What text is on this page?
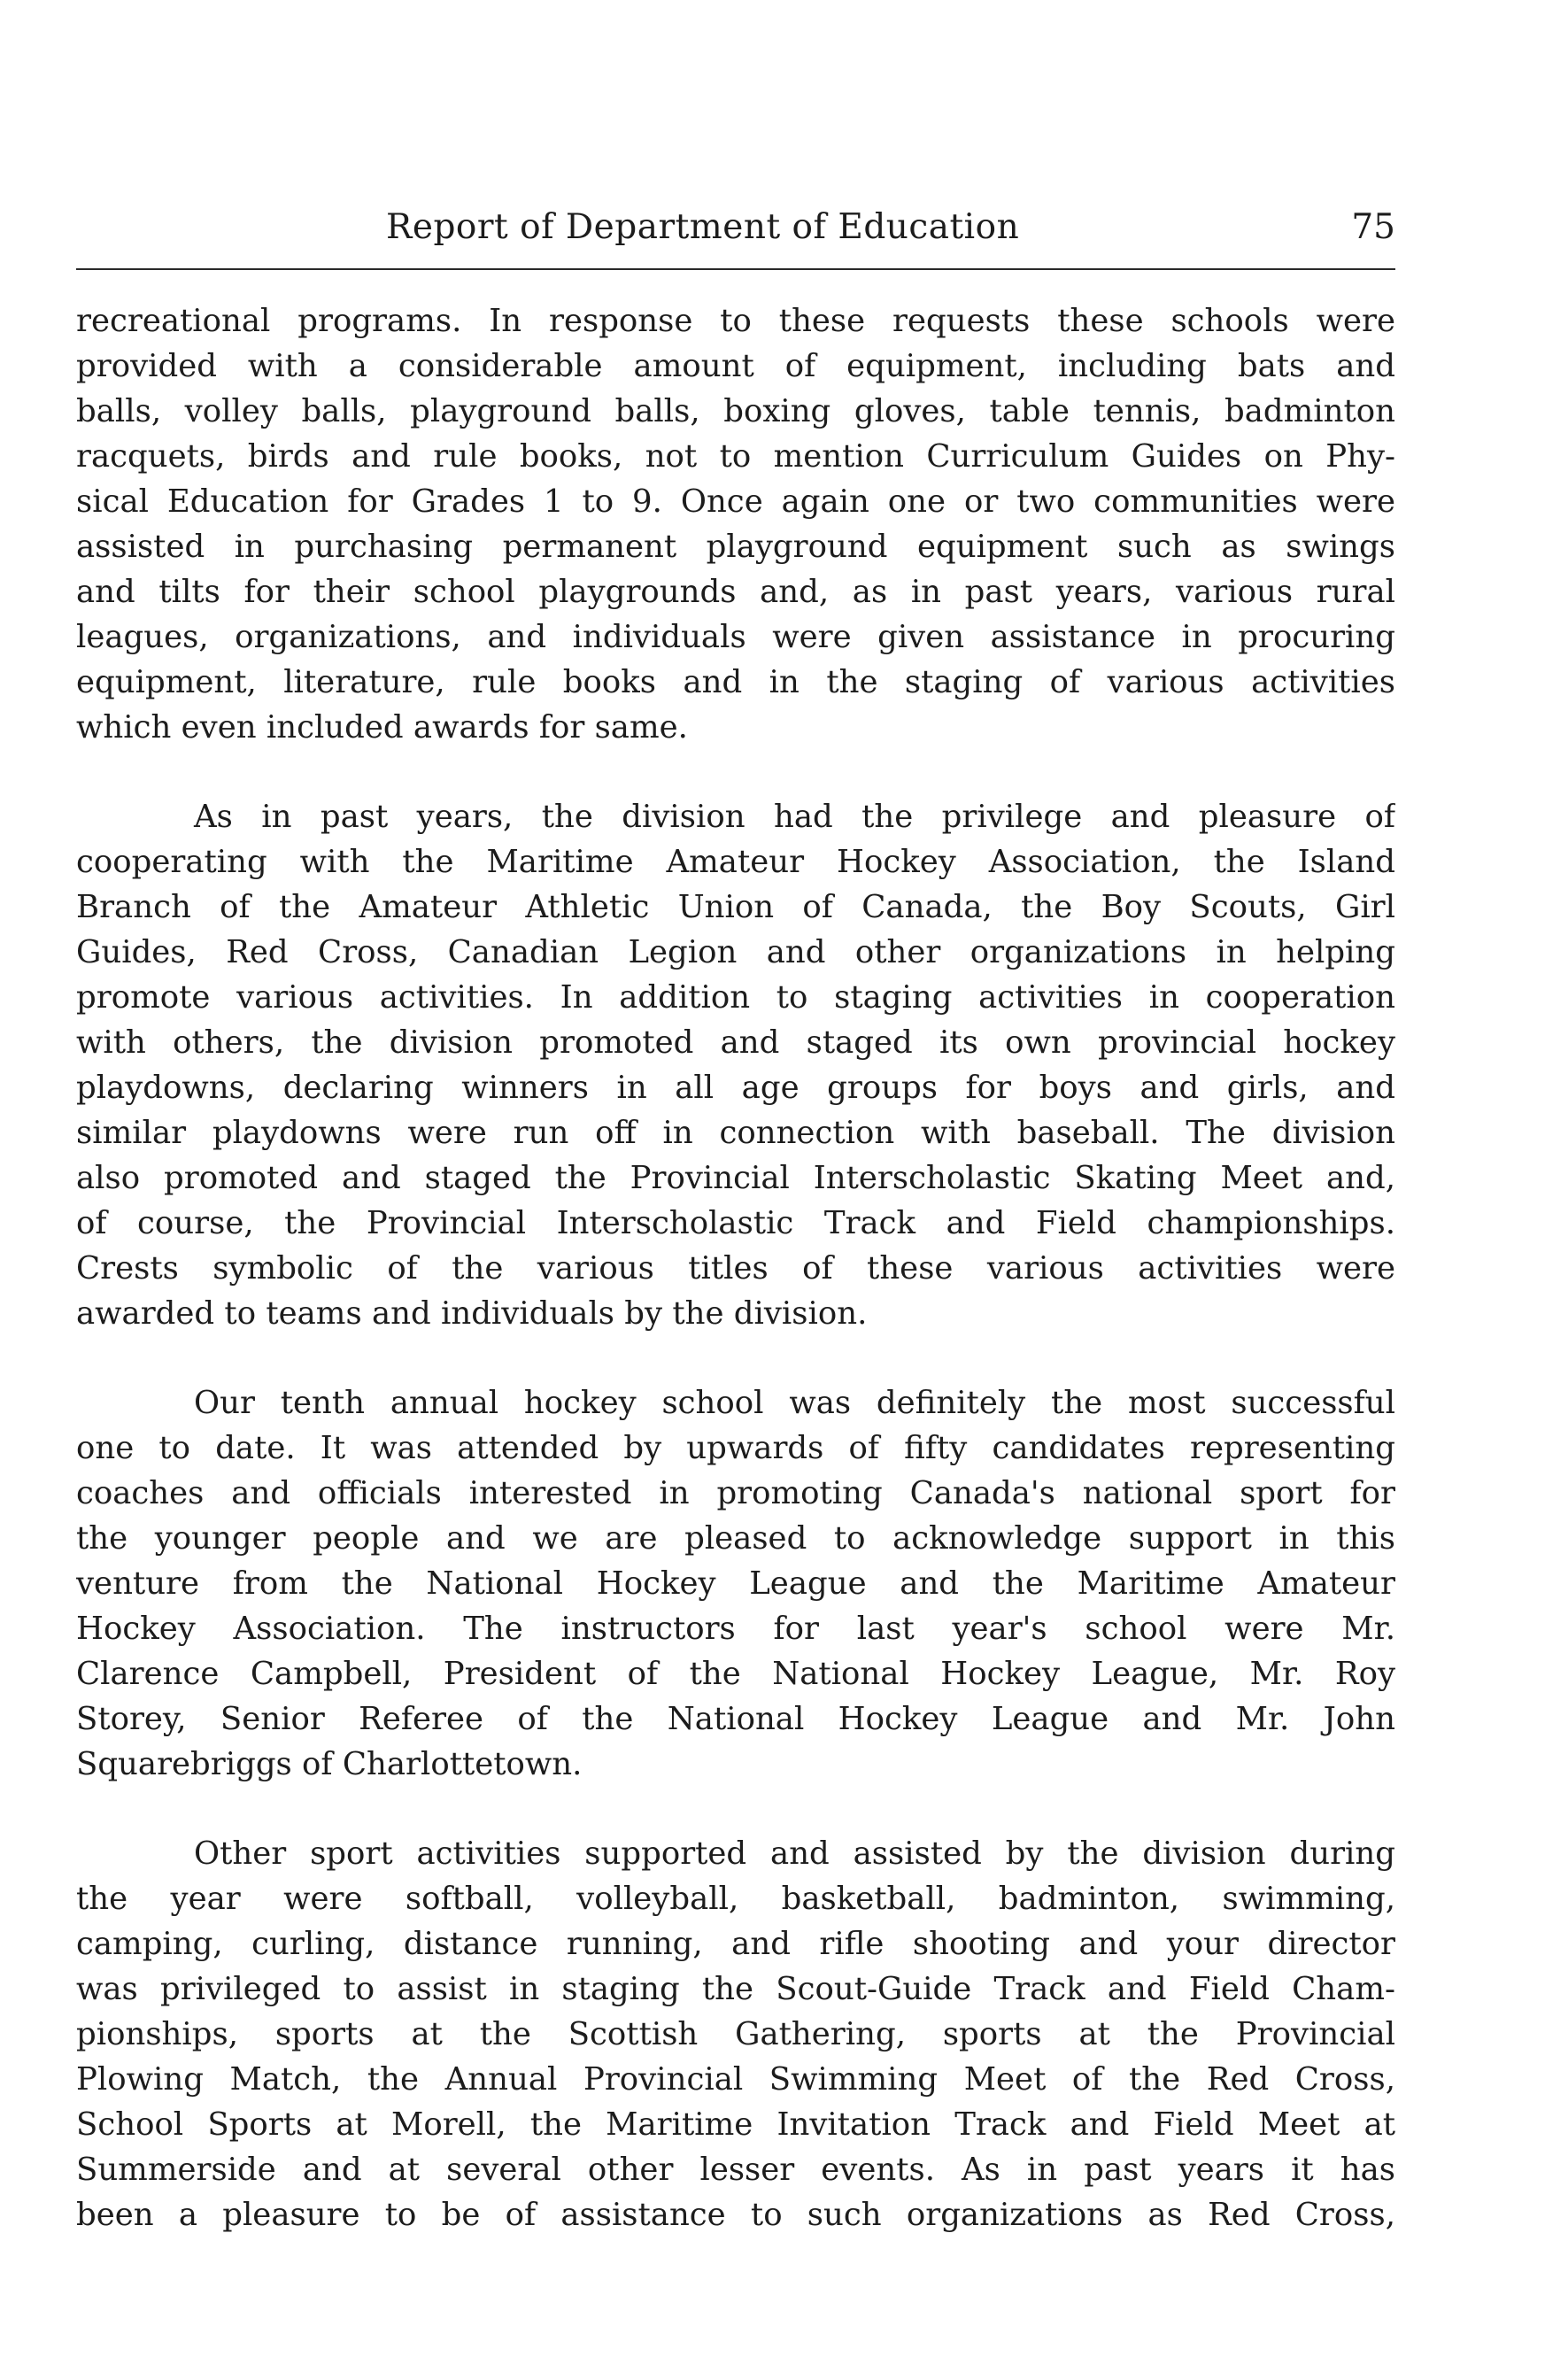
Report of Department of Education	75
recreational programs. In response to these requests these schools were
provided with a considerable amount of equipment, including bats and
balls, volley balls, playground balls, boxing gloves, table tennis, badminton
racquets, birds and rule books, not to mention Curriculum Guides on Phy-
sical Education for Grades 1 to 9. Once again one or two communities were
assisted in purchasing permanent playground equipment such as swings
and tilts for their school playgrounds and, as in past years, various rural
leagues, organizations, and individuals were given assistance in procuring
equipment, literature, rule books and in the staging of various activities
which even included awards for same.
As in past years, the division had the privilege and pleasure of
cooperating with the Maritime Amateur Hockey Association, the Island
Branch of the Amateur Athletic Union of Canada, the Boy Scouts, Girl
Guides, Red Cross, Canadian Legion and other organizations in helping
promote various activities. In addition to staging activities in cooperation
with others, the division promoted and staged its own provincial hockey
playdowns, declaring winners in all age groups for boys and girls, and
similar playdowns were run off in connection with baseball. The division
also promoted and staged the Provincial Interscholastic Skating Meet and,
of course, the Provincial Interscholastic Track and Field championships.
Crests symbolic of the various titles of these various activities were
awarded to teams and individuals by the division.
Our tenth annual hockey school was definitely the most successful
one to date. It was attended by upwards of fifty candidates representing
coaches and officials interested in promoting Canada's national sport for
the younger people and we are pleased to acknowledge support in this
venture from the National Hockey League and the Maritime Amateur
Hockey Association. The instructors for last year's school were Mr.
Clarence Campbell, President of the National Hockey League, Mr. Roy
Storey, Senior Referee of the National Hockey League and Mr. John
Squarebriggs of Charlottetown.
Other sport activities supported and assisted by the division during
the year were softball, volleyball, basketball, badminton, swimming,
camping, curling, distance running, and rifle shooting and your director
was privileged to assist in staging the Scout-Guide Track and Field Cham-
pionships, sports at the Scottish Gathering, sports at the Provincial
Plowing Match, the Annual Provincial Swimming Meet of the Red Cross,
School Sports at Morell, the Maritime Invitation Track and Field Meet at
Summerside and at several other lesser events. As in past years it has
been a pleasure to be of assistance to such organizations as Red Cross,
